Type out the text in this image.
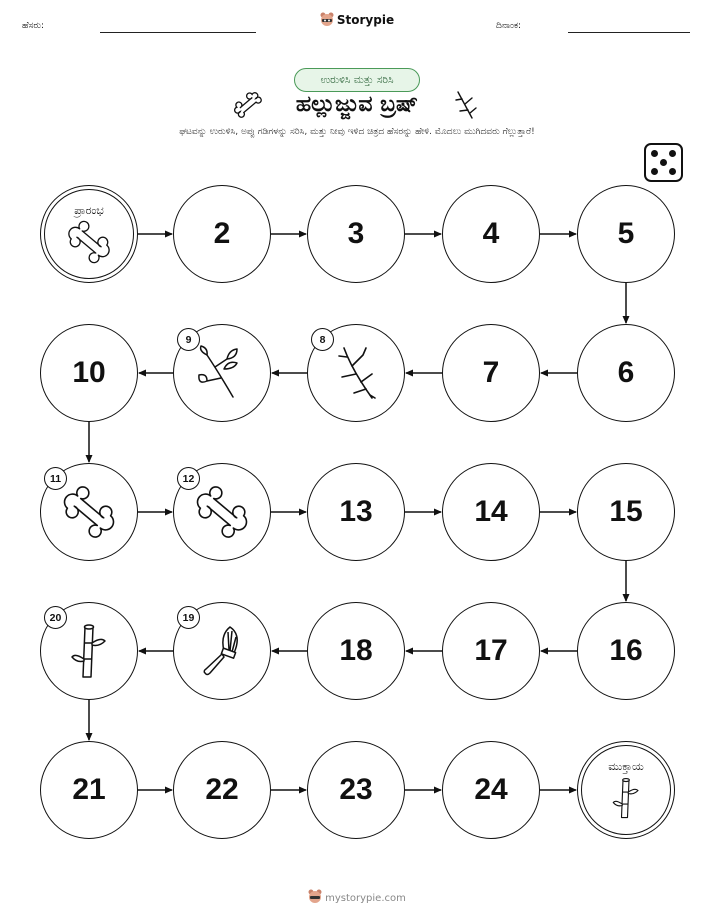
ಹೆಸರು:	Storypie	ದಿನಾಂಕ:
ಉರುಳಿಸಿ ಮತ್ತು ಸರಿಸಿ
ಹಲ್ಲುಜ್ಜುವ ಬ್ರಷ್
ಘಟವನ್ನು ಉರುಳಿಸಿ, ಅಪ್ಪು ಗಡಿಗಳನ್ನು ಸರಿಸಿ, ಮತ್ತು ನೀವು ಇಳಿದ ಚಿತ್ರದ ಹೆಸರನ್ನು ಹೇಳಿ. ಮೊದಲು ಮುಗಿದವರು ಗೆಲ್ಲುತ್ತಾರೆ!
ಪ್ರಾರಂಭ
2	3	4	5
6
7
8
9
10
11	12
13	14	15
16
17
18
19
20
21	22	23	24
ಮುಕ್ತಾಯ
mystorypie.com
